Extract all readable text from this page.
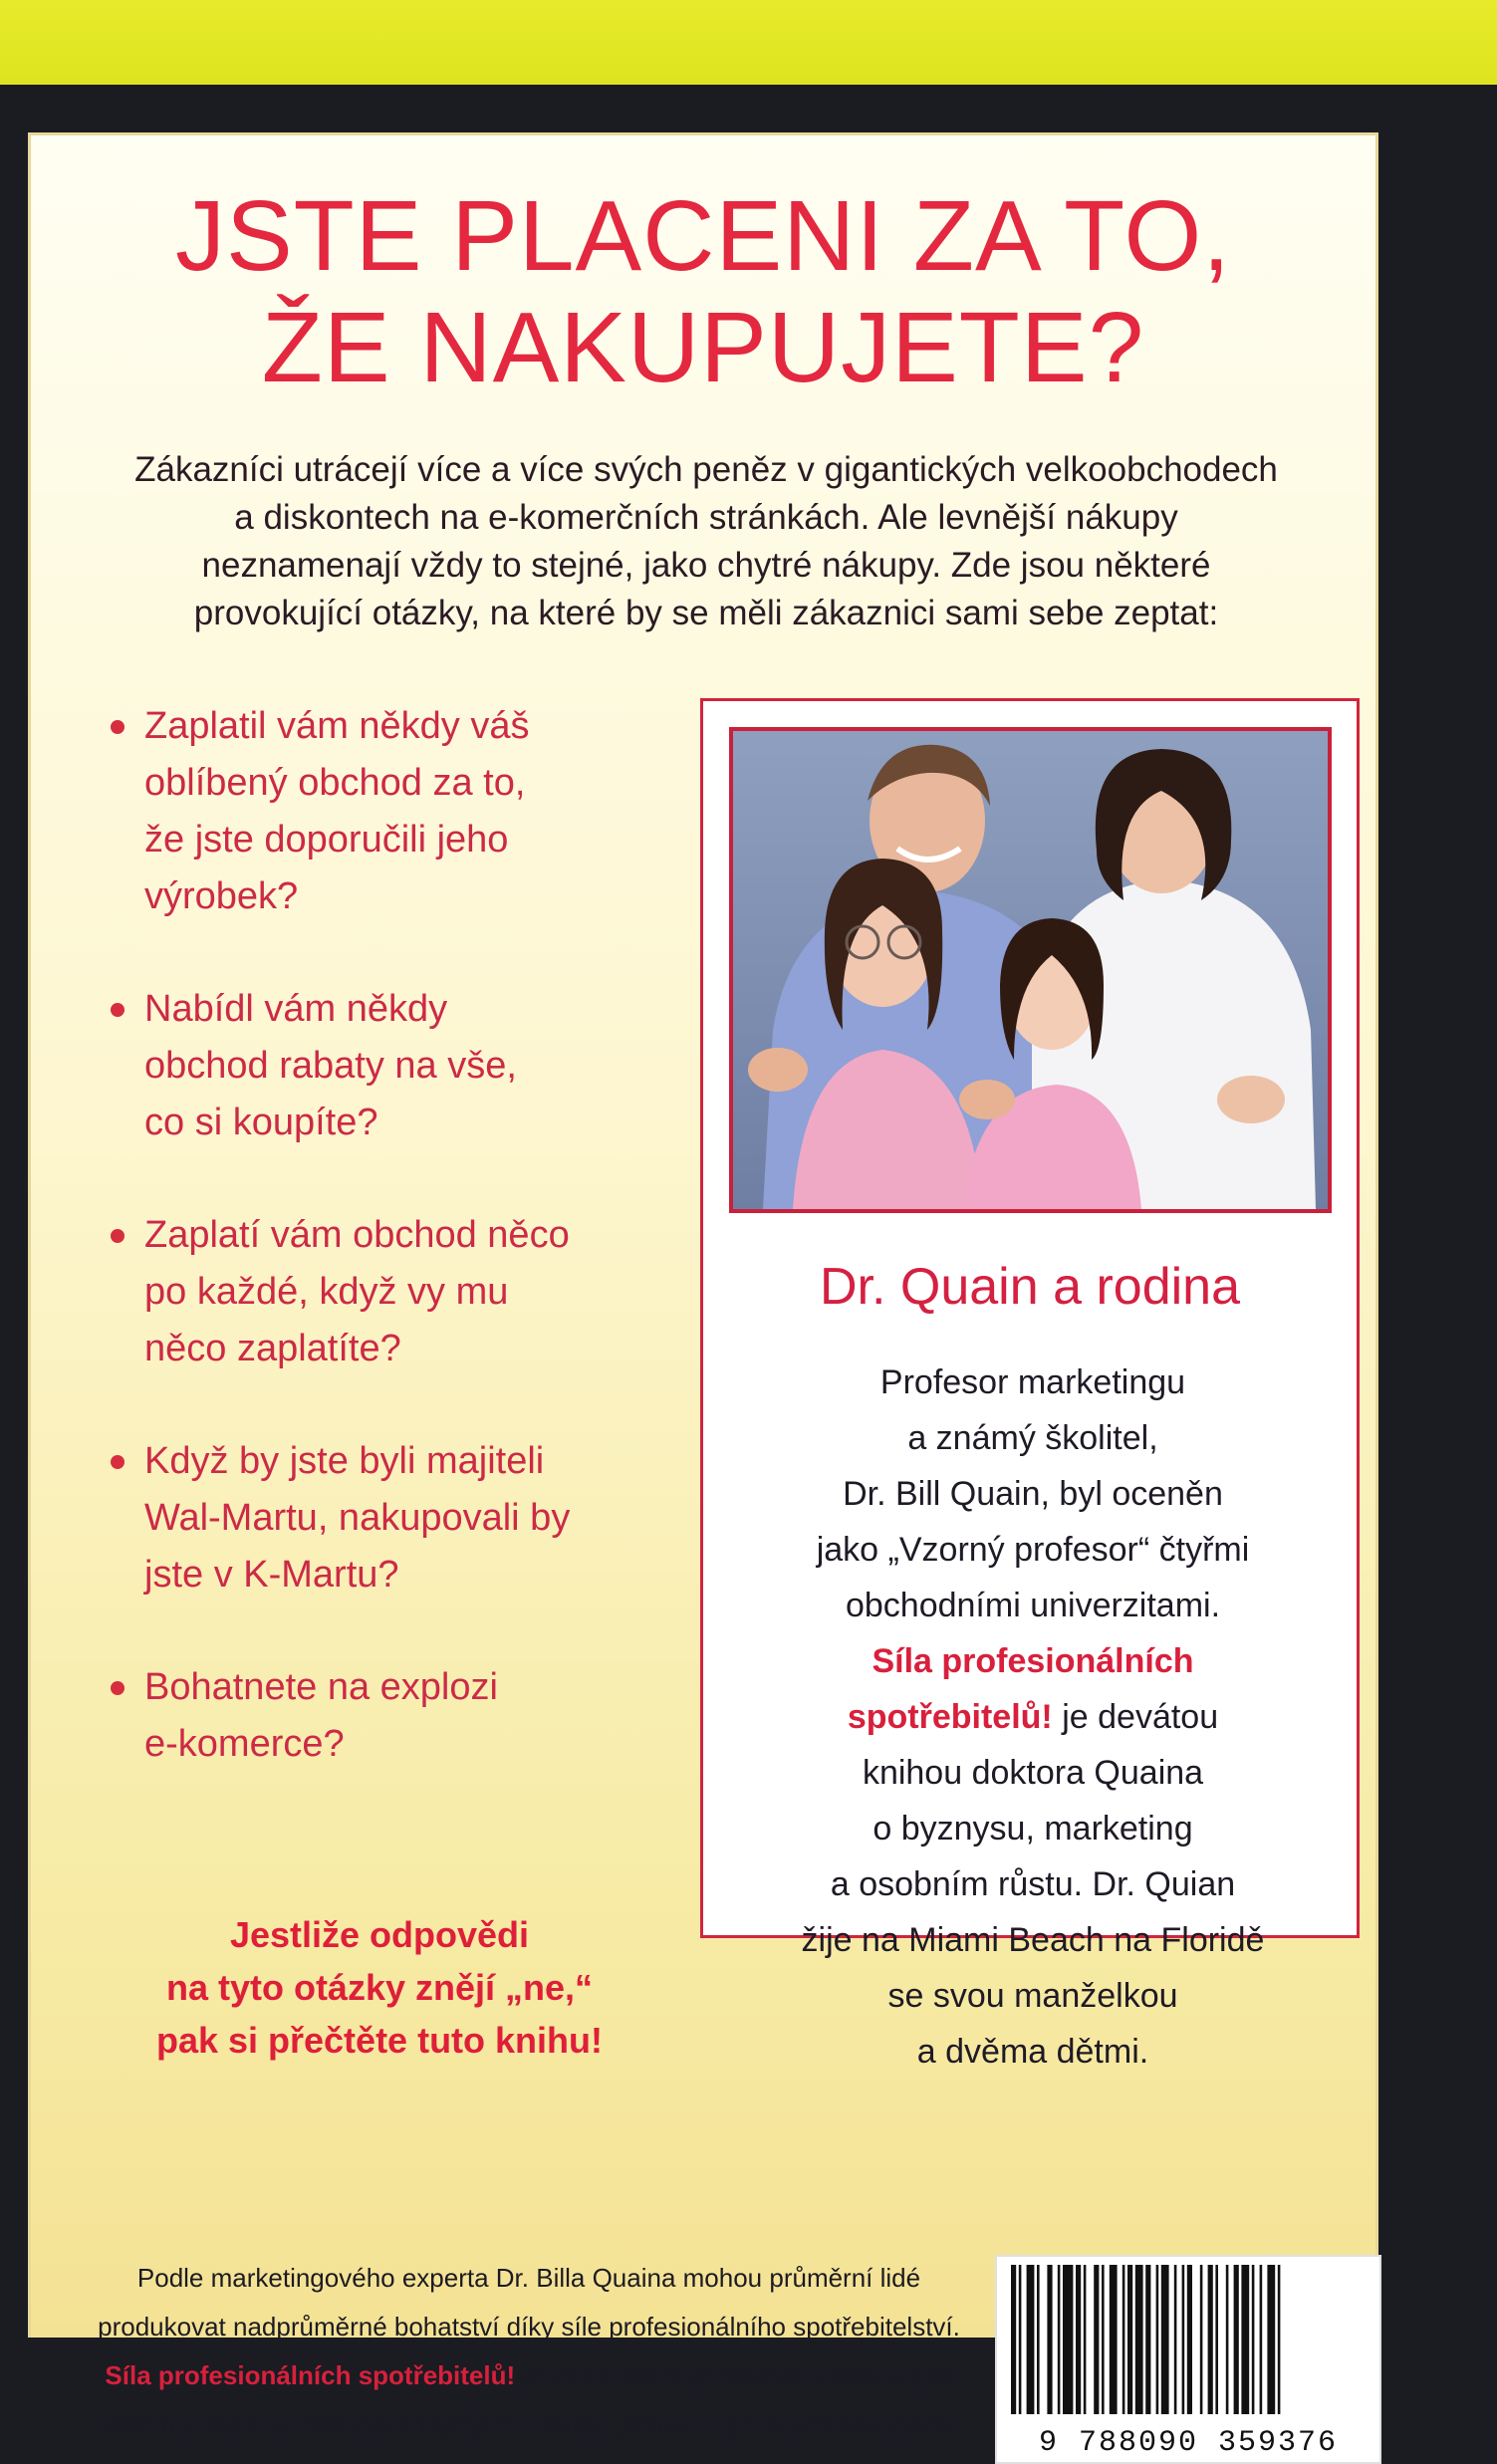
JSTE PLACENI ZA TO,
ŽE NAKUPUJETE?
Zákazníci utrácejí více a více svých peněz v gigantických velkoobchodech
a diskontech na e-komerčních stránkách. Ale levnější nákupy
neznamenají vždy to stejné, jako chytré nákupy. Zde jsou některé
provokující otázky, na které by se měli zákaznici sami sebe zeptat:
Zaplatil vám někdy váš
oblíbený obchod za to,
že jste doporučili jeho
výrobek?
Nabídl vám někdy
obchod rabaty na vše,
co si koupíte?
Zaplatí vám obchod něco
po každé, když vy mu
něco zaplatíte?
Když by jste byli majiteli
Wal-Martu, nakupovali by
jste v K-Martu?
Bohatnete na explozi
e-komerce?
Jestliže odpovědi
na tyto otázky znějí „ne,“
pak si přečtěte tuto knihu!
Dr. Quain a rodina
Profesor marketingu
a známý školitel,
Dr. Bill Quain, byl oceněn
jako „Vzorný profesor“ čtyřmi
obchodními univerzitami.
Síla profesionálních
spotřebitelů! je devátou
knihou doktora Quaina
o byznysu, marketing
a osobním růstu. Dr. Quian
žije na Miami Beach na Floridě
se svou manželkou
a dvěma dětmi.
Podle marketingového experta Dr. Billa Quaina mohou průměrní lidé
produkovat nadprůměrné bohatství díky síle profesionálního spotřebitelství.
Síla profesionálních spotřebitelů! je kniha, která je povinnou četbou pro
všechny, kteří by rádi vytvořili příjem – místo „odlivu“ – při svých nákupech.
9 788090 359376
